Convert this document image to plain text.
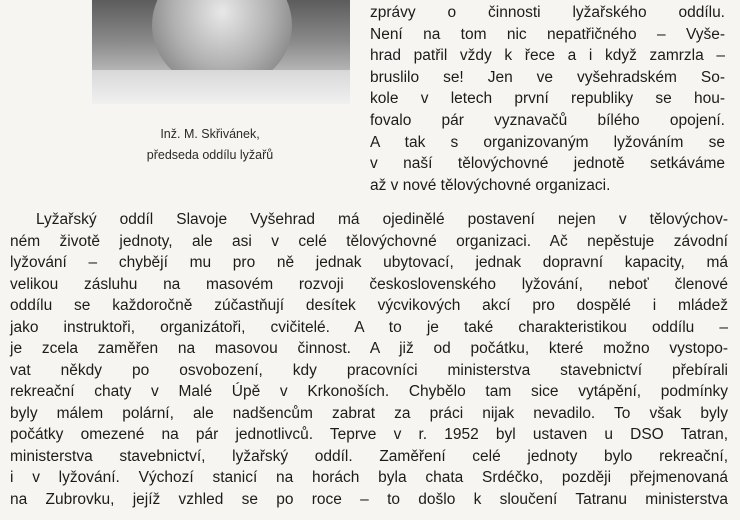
Inž. M. Skřivánek,
předseda oddílu lyžařů
zprávy o činnosti lyžařského oddílu.
Není na tom nic nepatřičného – Vyše-
hrad patřil vždy k řece a i když zamrzla –
bruslilo se! Jen ve vyšehradském So-
kole v letech první republiky se hou-
fovalo pár vyznavačů bílého opojení.
A tak s organizovaným lyžováním se
v naší tělovýchovné jednotě setkáváme
až v nové tělovýchovné organizaci.
Lyžařský oddíl Slavoje Vyšehrad má ojedinělé postavení nejen v tělovýchov-
ném životě jednoty, ale asi v celé tělovýchovné organizaci. Ač nepěstuje závodní
lyžování – chybějí mu pro ně jednak ubytovací, jednak dopravní kapacity, má
velikou zásluhu na masovém rozvoji československého lyžování, neboť členové
oddílu se každoročně zúčastňují desítek výcvikových akcí pro dospělé i mládež
jako instruktoři, organizátoři, cvičitelé. A to je také charakteristikou oddílu –
je zcela zaměřen na masovou činnost. A již od počátku, které možno vystopo-
vat někdy po osvobození, kdy pracovníci ministerstva stavebnictví přebírali
rekreační chaty v Malé Úpě v Krkonoších. Chybělo tam sice vytápění, podmínky
byly málem polární, ale nadšencům zabrat za práci nijak nevadilo. To však byly
počátky omezené na pár jednotlivců. Teprve v r. 1952 byl ustaven u DSO Tatran,
ministerstva stavebnictví, lyžařský oddíl. Zaměření celé jednoty bylo rekreační,
i v lyžování. Výchozí stanicí na horách byla chata Srdéčko, později přejmenovaná
na Zubrovku, jejíž vzhled se po roce – to došlo k sloučení Tatranu ministerstva
